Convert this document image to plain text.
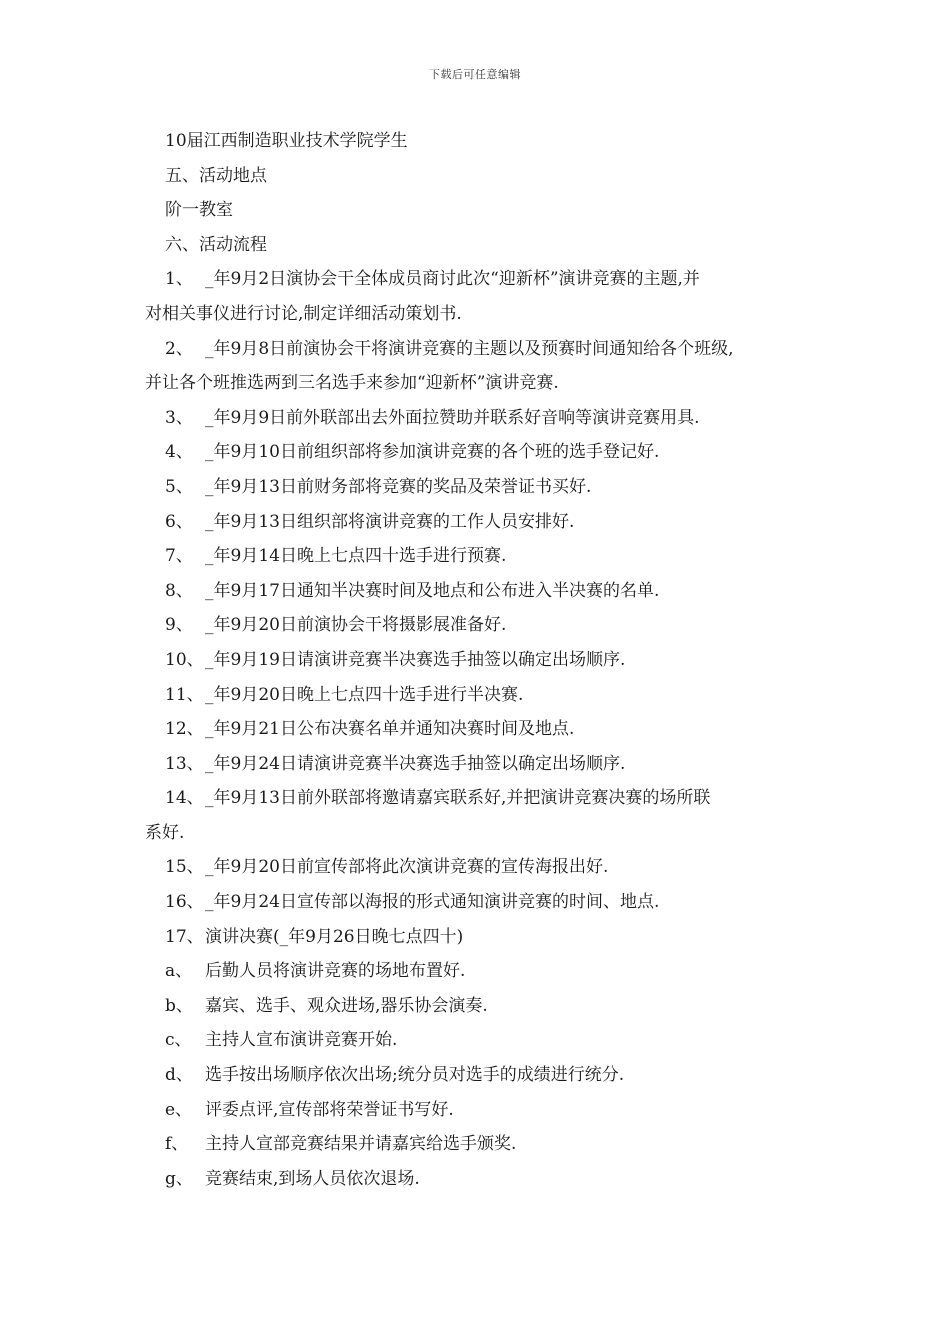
下载后可任意编辑
10届江西制造职业技术学院学生
五、活动地点
阶一教室
六、活动流程
1、 _年9月2日演协会干全体成员商讨此次“迎新杯”演讲竞赛的主题,并
对相关事仪进行讨论,制定详细活动策划书.
2、 _年9月8日前演协会干将演讲竞赛的主题以及预赛时间通知给各个班级,
并让各个班推选两到三名选手来参加“迎新杯”演讲竞赛.
3、 _年9月9日前外联部出去外面拉赞助并联系好音响等演讲竞赛用具.
4、 _年9月10日前组织部将参加演讲竞赛的各个班的选手登记好.
5、 _年9月13日前财务部将竞赛的奖品及荣誉证书买好.
6、 _年9月13日组织部将演讲竞赛的工作人员安排好.
7、 _年9月14日晚上七点四十选手进行预赛.
8、 _年9月17日通知半决赛时间及地点和公布进入半决赛的名单.
9、 _年9月20日前演协会干将摄影展准备好.
10、_年9月19日请演讲竞赛半决赛选手抽签以确定出场顺序.
11、_年9月20日晚上七点四十选手进行半决赛.
12、_年9月21日公布决赛名单并通知决赛时间及地点.
13、_年9月24日请演讲竞赛半决赛选手抽签以确定出场顺序.
14、_年9月13日前外联部将邀请嘉宾联系好,并把演讲竞赛决赛的场所联
系好.
15、_年9月20日前宣传部将此次演讲竞赛的宣传海报出好.
16、_年9月24日宣传部以海报的形式通知演讲竞赛的时间、地点.
17、演讲决赛(_年9月26日晚七点四十)
a、 后勤人员将演讲竞赛的场地布置好.
b、 嘉宾、选手、观众进场,器乐协会演奏.
c、 主持人宣布演讲竞赛开始.
d、 选手按出场顺序依次出场;统分员对选手的成绩进行统分.
e、 评委点评,宣传部将荣誉证书写好.
f、 主持人宣部竞赛结果并请嘉宾给选手颁奖.
g、 竞赛结束,到场人员依次退场.
